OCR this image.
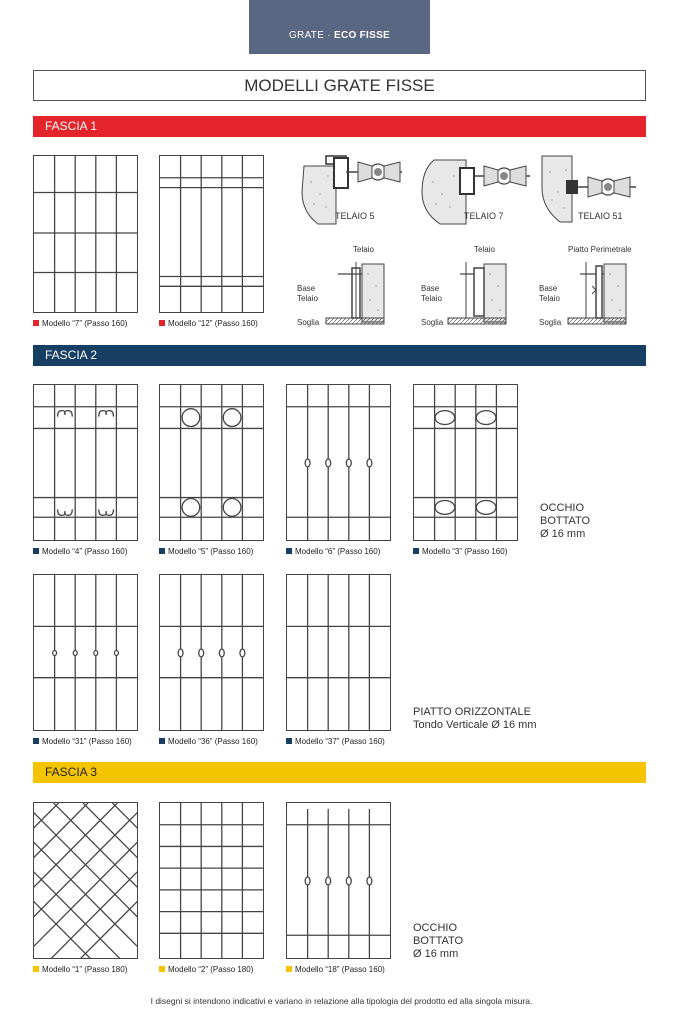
GRATE · ECO FISSE
MODELLI GRATE FISSE
FASCIA 1
Modello “7” (Passo 160)	Modello “12” (Passo 160)
TELAIO 5	TELAIO 7	TELAIO 51
Telaio
Base
Telaio
Soglia
Telaio
Base
Telaio
Soglia
Piatto Perimetrale
Base
Telaio
Soglia
FASCIA 2
Modello “4” (Passo 160)	Modello “5” (Passo 160)	Modello “6” (Passo 160)	Modello “3” (Passo 160)
OCCHIO
BOTTATO
Ø 16 mm
Modello “31” (Passo 160)	Modello “36” (Passo 160)	Modello “37” (Passo 160)
PIATTO ORIZZONTALE
Tondo Verticale Ø 16 mm
FASCIA 3
Modello “1” (Passo 180)	Modello “2” (Passo 180)	Modello “18” (Passo 160)
OCCHIO
BOTTATO
Ø 16 mm
I disegni si intendono indicativi e variano in relazione alla tipologia del prodotto ed alla singola misura.
